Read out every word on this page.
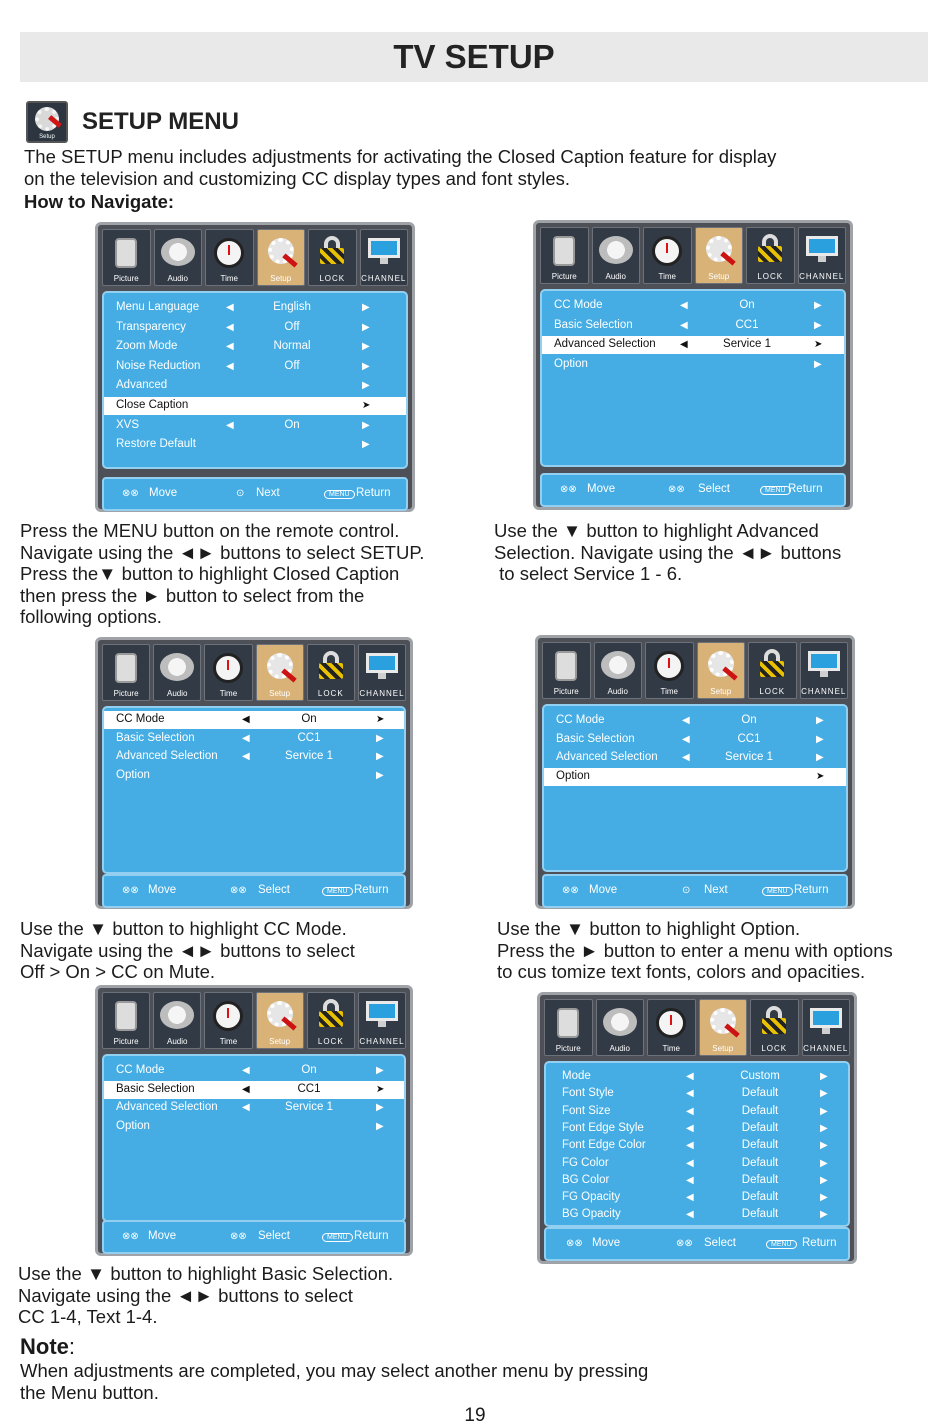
TV SETUP
Setup
SETUP MENU
The SETUP menu includes adjustments for activating the Closed Caption feature for display
on the television and customizing CC display types and font styles.
How to Navigate:
Picture	Audio	Time	Setup	LOCK	CHANNEL
Menu Language	◀	English	▶
Transparency	◀	Off	▶
Zoom Mode	◀	Normal	▶
Noise Reduction	◀	Off	▶
Advanced	▶
Close Caption	➤
XVS	◀	On	▶
Restore Default	▶
⊗⊗ Move	⊙ Next	MENU Return
Picture	Audio	Time	Setup	LOCK	CHANNEL
CC Mode	◀	On	▶
Basic Selection	◀	CC1	▶
Advanced Selection ◀	Service 1	➤
Option	▶
⊗⊗ Move	⊗⊗ Select	MENU Return
Picture	Audio	Time	Setup	LOCK	CHANNEL
CC Mode	◀	On	➤
Basic Selection	◀	CC1	▶
Advanced Selection ◀	Service 1	▶
Option	▶
⊗⊗ Move	⊗⊗ Select	MENU Return
Picture	Audio	Time	Setup	LOCK	CHANNEL
CC Mode	◀	On	▶
Basic Selection	◀	CC1	▶
Advanced Selection ◀	Service 1	▶
Option	➤
⊗⊗ Move	⊙ Next	MENU Return
Picture	Audio	Time	Setup	LOCK	CHANNEL
CC Mode	◀	On	▶
Basic Selection	◀	CC1	➤
Advanced Selection ◀	Service 1	▶
Option	▶
⊗⊗ Move	⊗⊗ Select	MENU Return
Picture	Audio	Time	Setup	LOCK	CHANNEL
Mode	◀	Custom	▶
Font Style	◀	Default	▶
Font Size	◀	Default	▶
Font Edge Style	◀	Default	▶
Font Edge Color	◀	Default	▶
FG Color	◀	Default	▶
BG Color	◀	Default	▶
FG Opacity	◀	Default	▶
BG Opacity	◀	Default	▶
⊗⊗ Move	⊗⊗ Select	MENU Return
Press the MENU button on the remote control.
Navigate using the ◄► buttons to select SETUP.
Press the▼ button to highlight Closed Caption
then press the ► button to select from the
following options.
Use the ▼ button to highlight Advanced
Selection. Navigate using the ◄► buttons
to select Service 1 - 6.
Use the ▼ button to highlight CC Mode.
Navigate using the ◄► buttons to select
Off > On > CC on Mute.
Use the ▼ button to highlight Option.
Press the ► button to enter a menu with options
to cus tomize text fonts, colors and opacities.
Use the ▼ button to highlight Basic Selection.
Navigate using the ◄► buttons to select
CC 1-4, Text 1-4.
Note:
When adjustments are completed, you may select another menu by pressing
the Menu button.
19
